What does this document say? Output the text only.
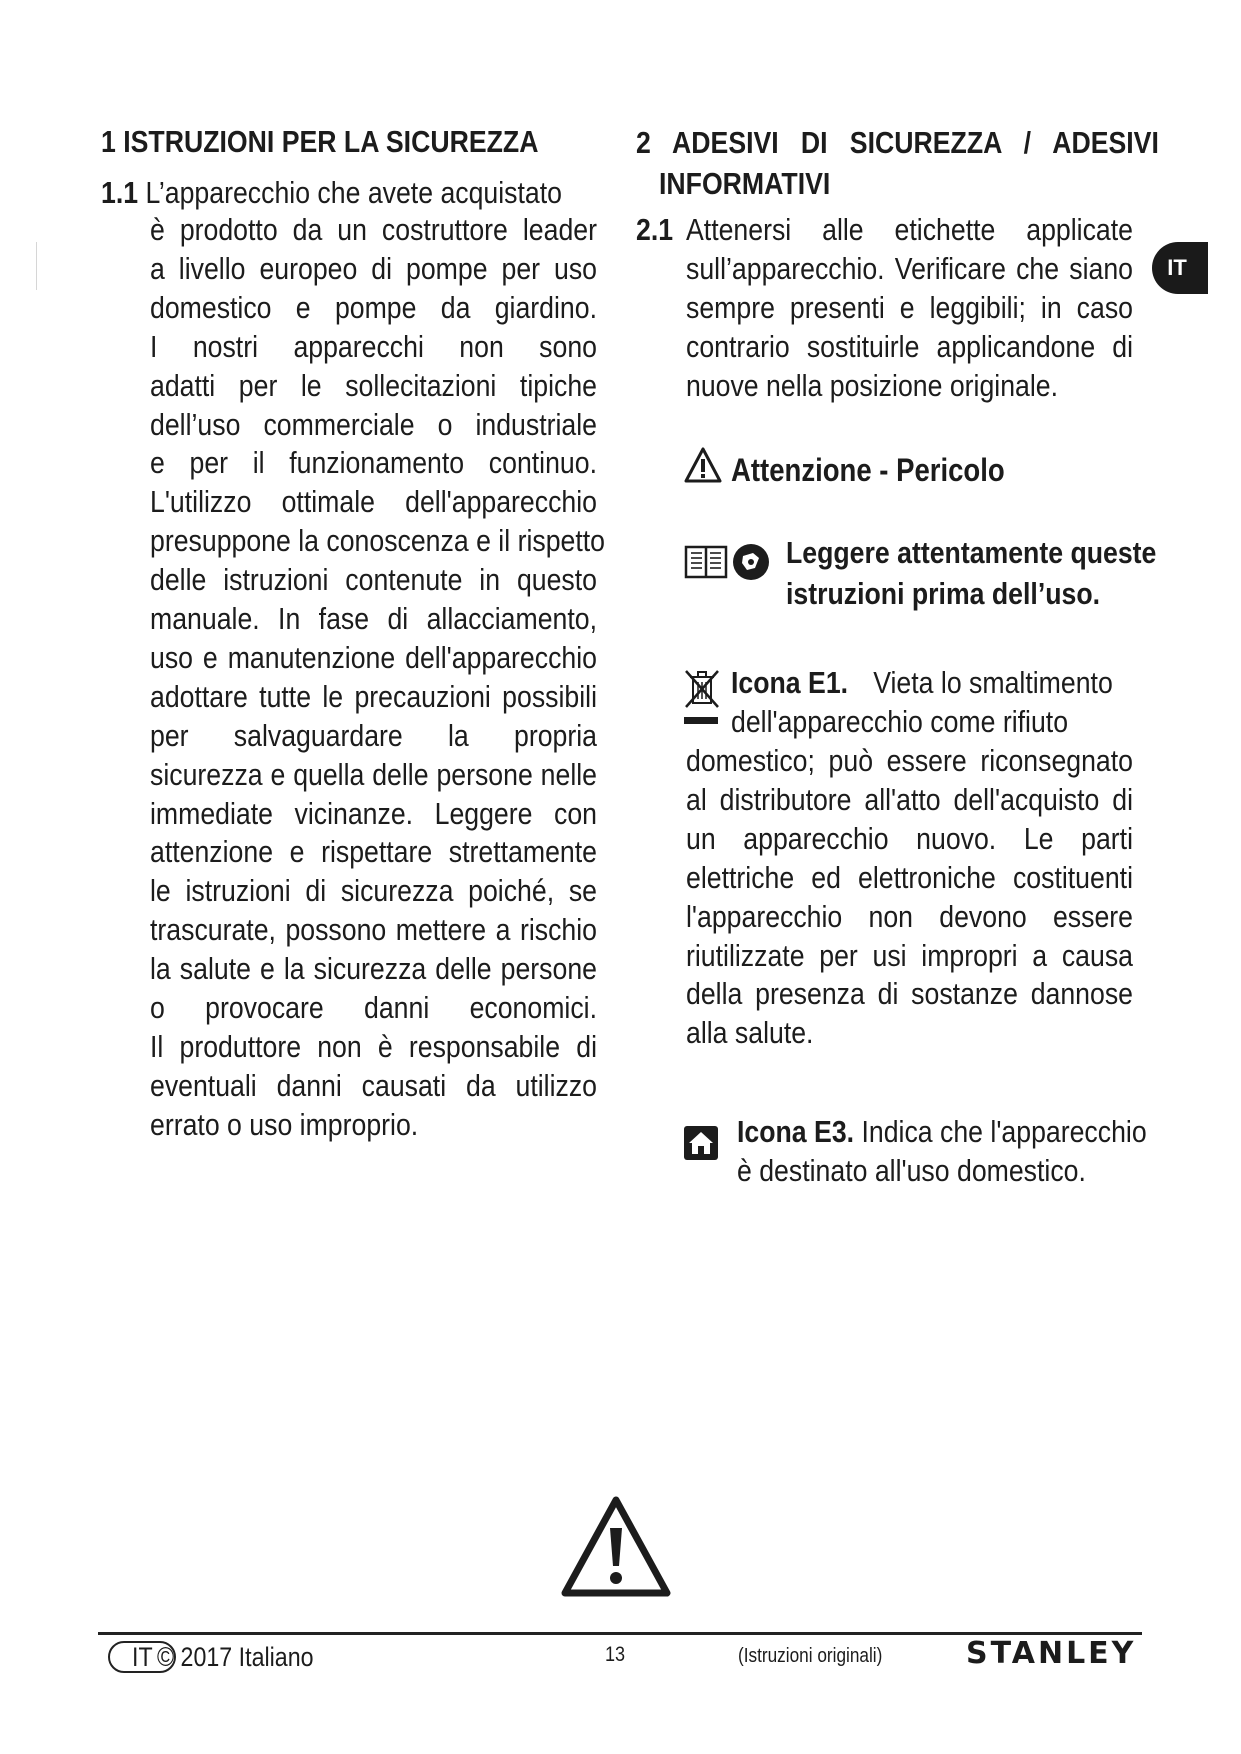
IT
1 ISTRUZIONI PER LA SICUREZZA
1.1 L’apparecchio che avete acquistato
è prodotto da un costruttore leader
a livello europeo di pompe per uso
domestico e pompe da giardino.
I nostri apparecchi non sono
adatti per le sollecitazioni tipiche
dell’uso commerciale o industriale
e per il funzionamento continuo.
L'utilizzo ottimale dell'apparecchio
presuppone la conoscenza e il rispetto
delle istruzioni contenute in questo
manuale. In fase di allacciamento,
uso e manutenzione dell'apparecchio
adottare tutte le precauzioni possibili
per salvaguardare la propria
sicurezza e quella delle persone nelle
immediate vicinanze. Leggere con
attenzione e rispettare strettamente
le istruzioni di sicurezza poiché, se
trascurate, possono mettere a rischio
la salute e la sicurezza delle persone
o provocare danni economici.
Il produttore non è responsabile di
eventuali danni causati da utilizzo
errato o uso improprio.
2 ADESIVI DI SICUREZZA / ADESIVI
INFORMATIVI
2.1 Attenersi alle etichette applicate
sull’apparecchio. Verificare che siano
sempre presenti e leggibili; in caso
contrario sostituirle applicandone di
nuove nella posizione originale.
Attenzione - Pericolo
Leggere attentamente queste
istruzioni prima dell’uso.
Icona E1. Vieta lo smaltimento
dell'apparecchio come rifiuto
domestico; può essere riconsegnato
al distributore all'atto dell'acquisto di
un apparecchio nuovo. Le parti
elettriche ed elettroniche costituenti
l'apparecchio non devono essere
riutilizzate per usi impropri a causa
della presenza di sostanze dannose
alla salute.
Icona E3. Indica che l'apparecchio
è destinato all'uso domestico.
IT © 2017 Italiano	13	(Istruzioni originali)	STANLEY
